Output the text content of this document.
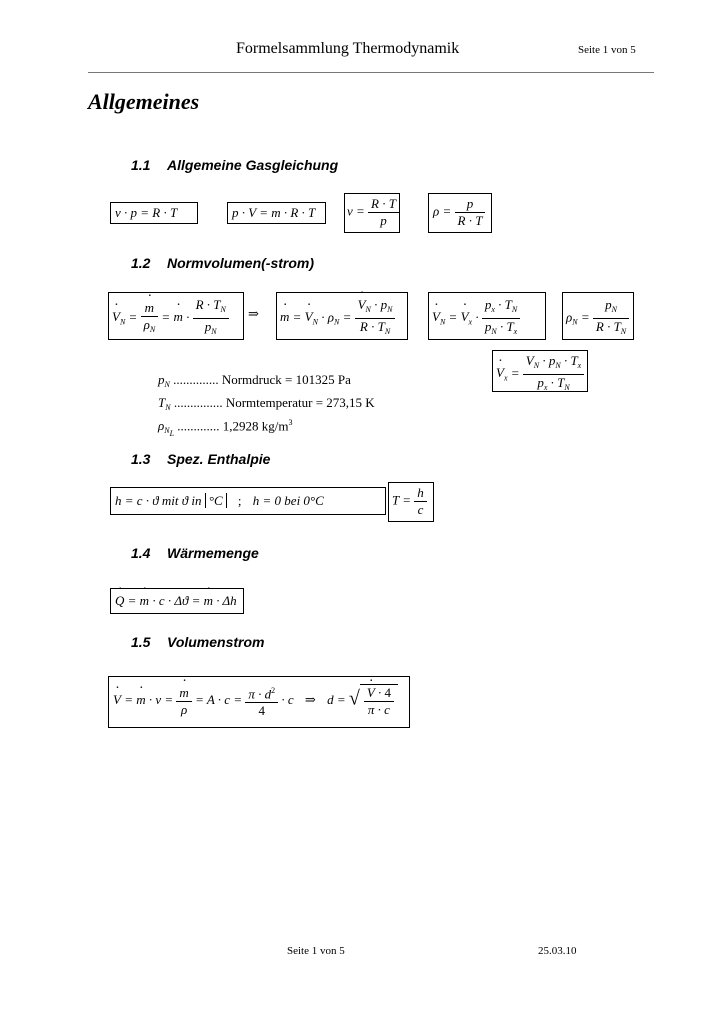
Formelsammlung Thermodynamik	Seite 1 von 5
Allgemeines
1.1 Allgemeine Gasgleichung
v · p = R · T	p · V = m · R · T	$v = \frac{R \cdot T}{p}$	$\rho = \frac{p}{R \cdot T}$
1.2 Normvolumen(-strom)
· $V_N$ = · $\frac{m}{\rho_N}$ = · $m \cdot \frac{R \cdot T_N}{p_N}$ ⇒ · m = · $V_N \cdot \rho_N$ = · $\frac{V_N \cdot p_N}{R \cdot T_N}$	· $V_N$ = · $V_x \cdot \frac{p_x \cdot T_N}{p_N \cdot T_x}$	$\rho_N = \frac{p_N}{R \cdot T_N}$
· $V_x = \frac{V_N \cdot p_N \cdot T_x}{p_x \cdot T_N}$
$p_N$ .............. Normdruck = 101325 Pa
$T_N$ ............... Normtemperatur = 273,15 K
$\rho_{N_L}$ ............. 1,2928 $kg/m^3$
1.3 Spez. Enthalpie
h = c · ϑ mit ϑ in °C ; h = 0 bei 0°C	$T = \frac{h}{c}$
1.4 Wärmemenge
· Q = · m · c · Δϑ = · m · Δh
1.5 Volumenstrom
· V = · m · v = · $\frac{m}{\rho} = A \cdot c = \frac{\pi \cdot d^2}{4} \cdot c$ ⇒ d = √ · $\frac{V \cdot 4}{\pi \cdot c}$
Seite 1 von 5	25.03.10
